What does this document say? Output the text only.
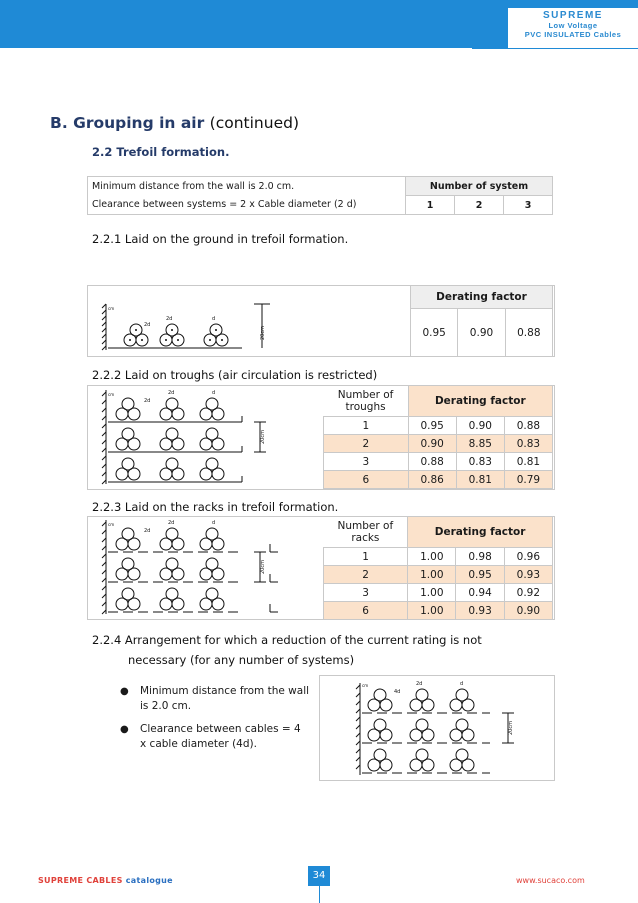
SUPREME
Low Voltage
PVC INSULATED Cables
B. Grouping in air (continued)
2.2 Trefoil formation.
Minimum distance from the wall is 2.0 cm.	Number of system		
Clearance between systems = 2 x Cable diameter (2 d)	1	2	3
2.2.1 Laid on the ground in trefoil formation.
cm
2d
2d	d
20cm
Derating factor
0.95	0.90	0.88
2.2.2 Laid on troughs (air circulation is restricted)
cm
2d
2d	d
20cm
Number of troughs	Derating factor		
1	0.95	0.90	0.88
2	0.90	8.85	0.83
3	0.88	0.83	0.81
6	0.86	0.81	0.79
2.2.3 Laid on the racks in trefoil formation.
cm
2d
2d	d
20cm
Number of racks	Derating factor		
1	1.00	0.98	0.96
2	1.00	0.95	0.93
3	1.00	0.94	0.92
6	1.00	0.93	0.90
2.2.4 Arrangement for which a reduction of the current rating is not
necessary (for any number of systems)
● Minimum distance from the wall is 2.0 cm.
● Clearance between cables = 4 x cable diameter (4d).
cm
4d
2d	d
20cm
SUPREME CABLES catalogue	34	www.sucaco.com
